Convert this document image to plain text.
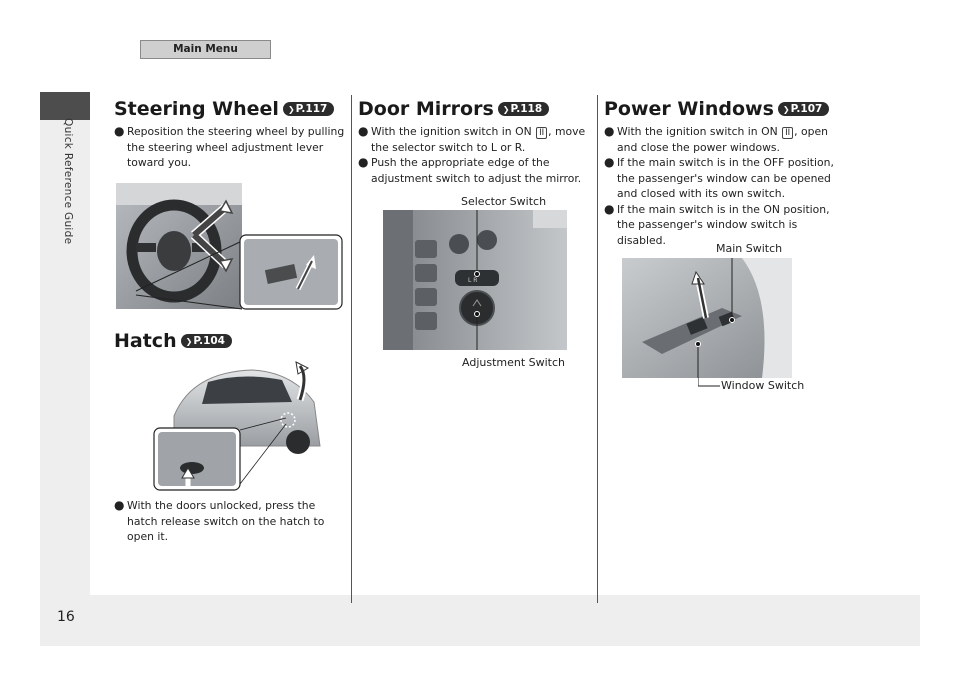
Quick Reference Guide
16
Main Menu
Steering Wheel	❯P.117

● Reposition the steering wheel by pulling the steering wheel adjustment lever toward you.

Hatch	❯P.104

● With the doors unlocked, press the hatch release switch on the hatch to open it.

Door Mirrors	❯P.118

● With the ignition switch in ON II , move the selector switch to L or R.

● Push the appropriate edge of the adjustment switch to adjust the mirror.

Selector Switch
L R
Adjustment Switch
Power Windows	❯P.107

● With the ignition switch in ON II , open and close the power windows.

● If the main switch is in the OFF position, the passenger's window can be opened and closed with its own switch.

● If the main switch is in the ON position, the passenger's window switch is disabled.

Main Switch
Window Switch
